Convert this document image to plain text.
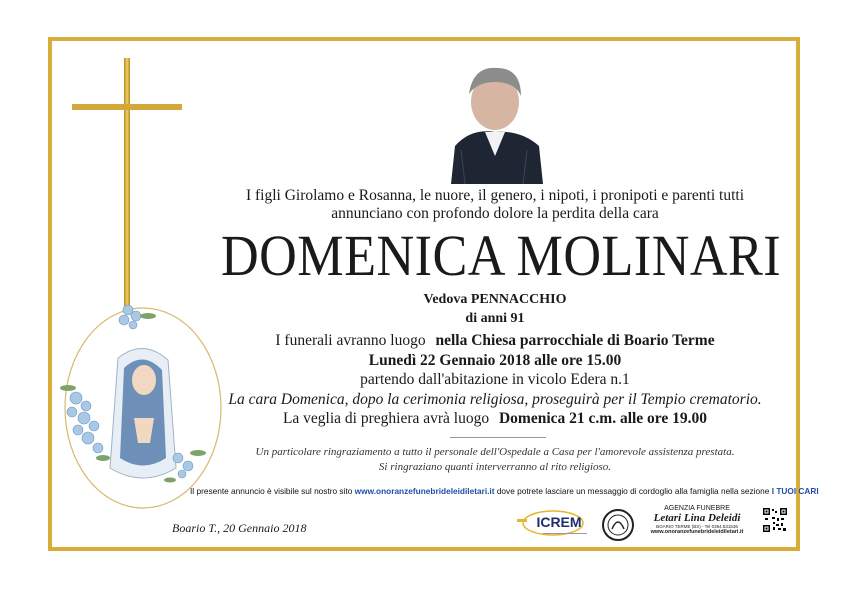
I figli Girolamo e Rosanna, le nuore, il genero, i nipoti, i pronipoti e parenti tutti
annunciano con profondo dolore la perdita della cara
DOMENICA MOLINARI
Vedova PENNACCHIO
di anni 91
I funerali avranno luogo nella Chiesa parrocchiale di Boario Terme
Lunedì 22 Gennaio 2018 alle ore 15.00
partendo dall'abitazione in vicolo Edera n.1
La cara Domenica, dopo la cerimonia religiosa, proseguirà per il Tempio crematorio.
La veglia di preghiera avrà luogo Domenica 21 c.m. alle ore 19.00
Un particolare ringraziamento a tutto il personale dell'Ospedale a Casa per l'amorevole assistenza prestata.
Si ringraziano quanti interverranno al rito religioso.
Il presente annuncio è visibile sul nostro sito www.onoranzefunebrideleidiletari.it dove potrete lasciare un messaggio di cordoglio alla famiglia nella sezione I TUOI CARI
Boario T., 20 Gennaio 2018	ICREM
AGENZIA FUNEBRE
Letari Lina Deleidi
BOARIO TERME (BS) - Tel 0364.531536
www.onoranzefunebrideleidiletari.it
